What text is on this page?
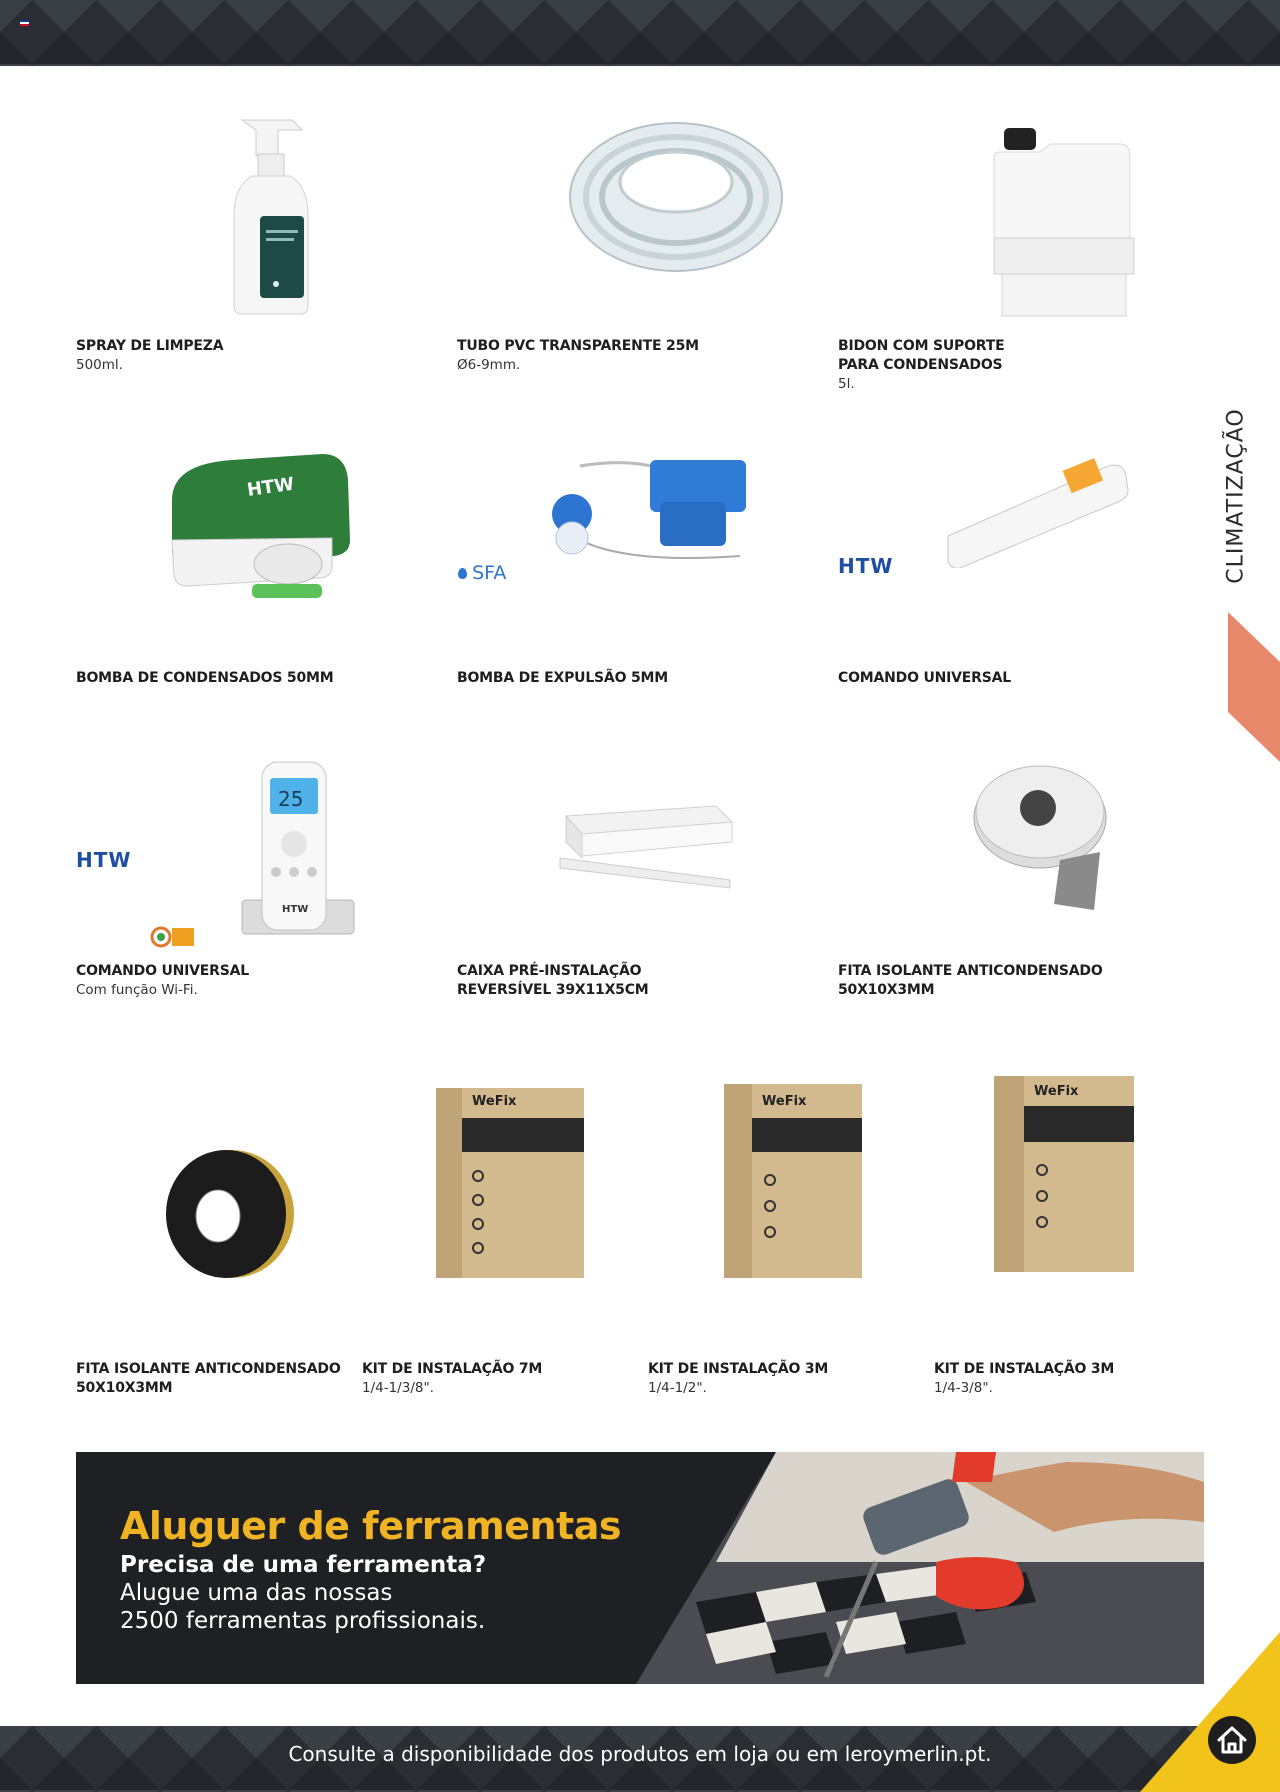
SPRAY DE LIMPEZA
500ml.
TUBO PVC TRANSPARENTE 25M
Ø6-9mm.
BIDON COM SUPORTE
PARA CONDENSADOS
5l.
HTW
SFA	HTW
BOMBA DE CONDENSADOS 50MM	BOMBA DE EXPULSÃO 5MM	COMANDO UNIVERSAL
HTW
25
HTW
COMANDO UNIVERSAL
Com função Wi-Fi.
CAIXA PRÉ-INSTALAÇÃO
REVERSÍVEL 39X11X5CM
FITA ISOLANTE ANTICONDENSADO
50X10X3MM
WeFix	WeFix
WeFix
FITA ISOLANTE ANTICONDENSADO
50X10X3MM
KIT DE INSTALAÇÃO 7M
1/4-1/3/8".
KIT DE INSTALAÇÃO 3M
1/4-1/2".
KIT DE INSTALAÇÃO 3M
1/4-3/8".
CLIMATIZAÇÃO
Aluguer de ferramentas
Precisa de uma ferramenta?
Alugue uma das nossas
2500 ferramentas profissionais.
Consulte a disponibilidade dos produtos em loja ou em leroymerlin.pt.
